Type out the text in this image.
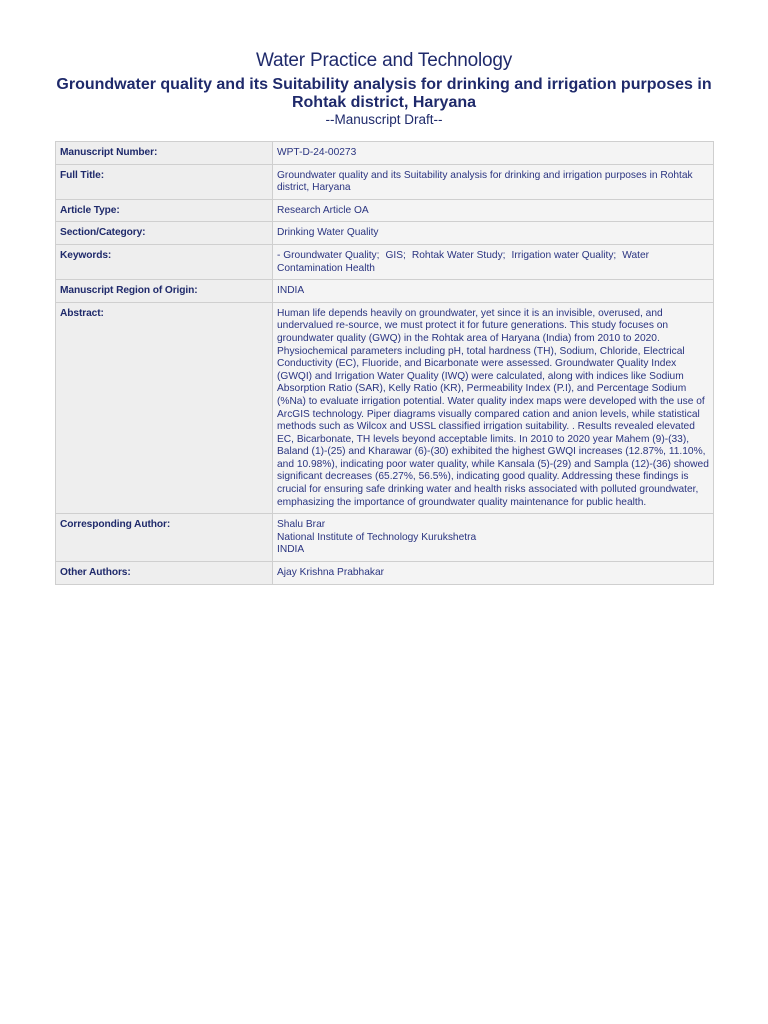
Water Practice and Technology
Groundwater quality and its Suitability analysis for drinking and irrigation purposes in Rohtak district, Haryana
--Manuscript Draft--
Manuscript Number:	WPT-D-24-00273
Full Title:	Groundwater quality and its Suitability analysis for drinking and irrigation purposes in Rohtak district, Haryana
Article Type:	Research Article OA
Section/Category:	Drinking Water Quality
Keywords:	- Groundwater Quality; GIS; Rohtak Water Study; Irrigation water Quality; Water Contamination Health
Manuscript Region of Origin:	INDIA
Abstract:	Human life depends heavily on groundwater, yet since it is an invisible, overused, and undervalued re-source, we must protect it for future generations. This study focuses on groundwater quality (GWQ) in the Rohtak area of Haryana (India) from 2010 to 2020. Physiochemical parameters including pH, total hardness (TH), Sodium, Chloride, Electrical Conductivity (EC), Fluoride, and Bicarbonate were assessed. Groundwater Quality Index (GWQI) and Irrigation Water Quality (IWQ) were calculated, along with indices like Sodium Absorption Ratio (SAR), Kelly Ratio (KR), Permeability Index (P.I), and Percentage Sodium (%Na) to evaluate irrigation potential. Water quality index maps were developed with the use of ArcGIS technology. Piper diagrams visually compared cation and anion levels, while statistical methods such as Wilcox and USSL classified irrigation suitability. . Results revealed elevated EC, Bicarbonate, TH levels beyond acceptable limits. In 2010 to 2020 year Mahem (9)-(33), Baland (1)-(25) and Kharawar (6)-(30) exhibited the highest GWQI increases (12.87%, 11.10%, and 10.98%), indicating poor water quality, while Kansala (5)-(29) and Sampla (12)-(36) showed significant decreases (65.27%, 56.5%), indicating good quality. Addressing these findings is crucial for ensuring safe drinking water and health risks associated with polluted groundwater, emphasizing the importance of groundwater quality maintenance for public health.
Corresponding Author:	Shalu Brar
National Institute of Technology Kurukshetra
INDIA

Other Authors:	Ajay Krishna Prabhakar
